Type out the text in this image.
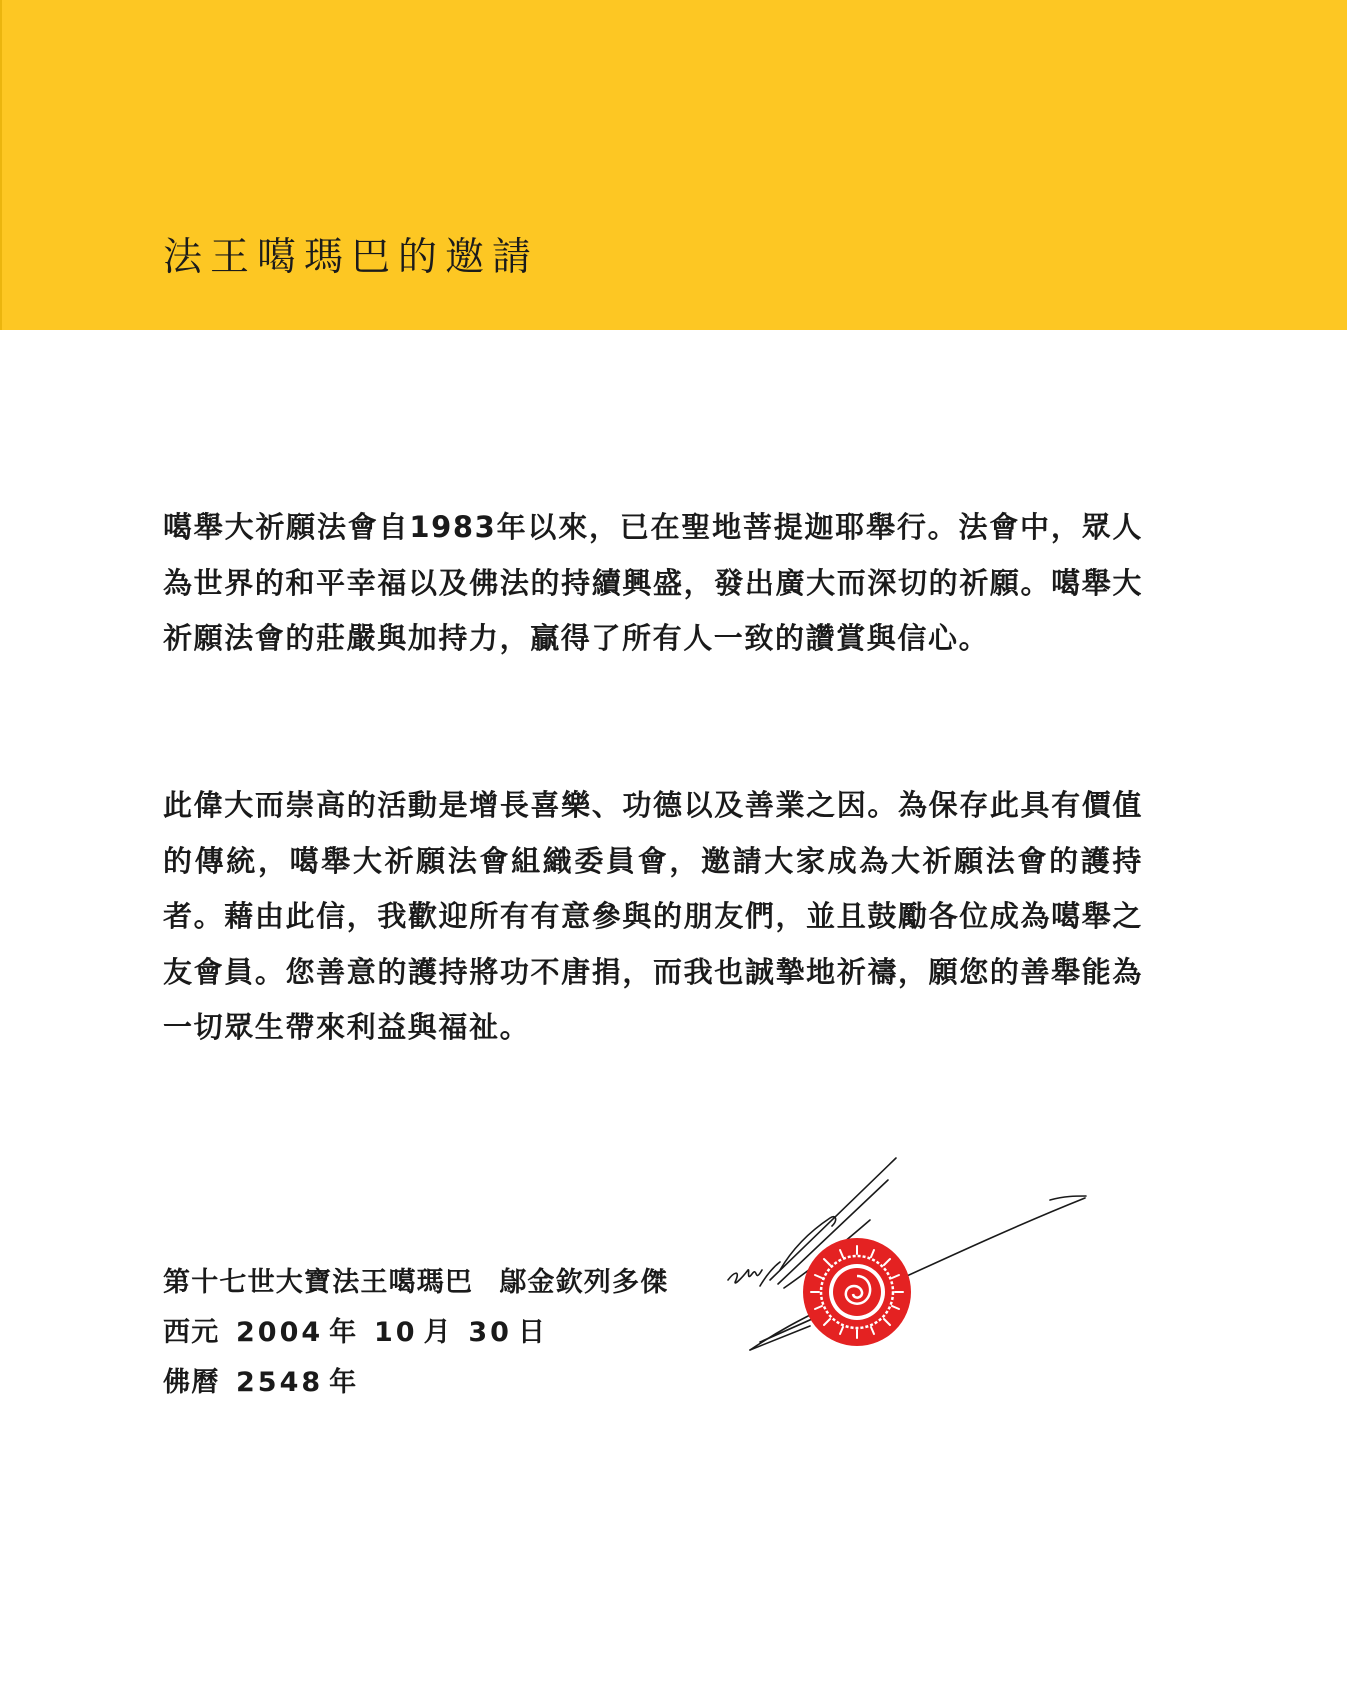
法王噶瑪巴的邀請

噶舉大祈願法會自1983年以來，已在聖地菩提迦耶舉行。法會中，眾人為世界的和平幸福以及佛法的持續興盛，發出廣大而深切的祈願。噶舉大祈願法會的莊嚴與加持力，贏得了所有人一致的讚賞與信心。

此偉大而崇高的活動是增長喜樂、功德以及善業之因。為保存此具有價值的傳統，噶舉大祈願法會組織委員會，邀請大家成為大祈願法會的護持者。藉由此信，我歡迎所有有意參與的朋友們，並且鼓勵各位成為噶舉之友會員。您善意的護持將功不唐捐，而我也誠摯地祈禱，願您的善舉能為一切眾生帶來利益與福祉。

第十七世大寶法王噶瑪巴 鄔金欽列多傑
西元 2004 年 10 月 30 日
佛曆 2548 年
